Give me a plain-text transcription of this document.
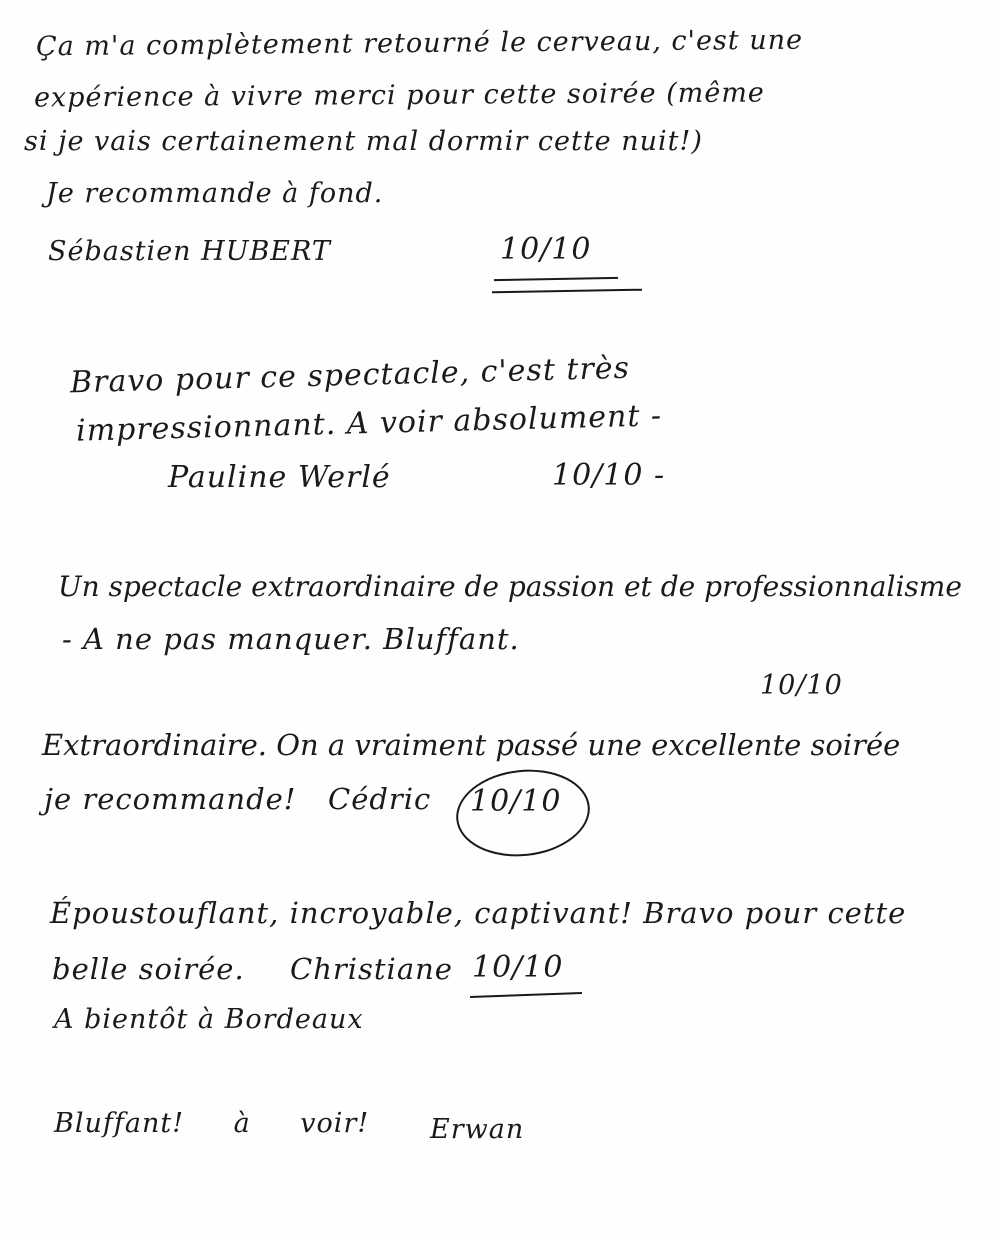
Ça m'a complètement retourné le cerveau, c'est une
expérience à vivre merci pour cette soirée (même
si je vais certainement mal dormir cette nuit!)
Je recommande à fond.
Sébastien HUBERT	10/10
Bravo pour ce spectacle, c'est très
impressionnant. A voir absolument -
Pauline Werlé	10/10 -
Un spectacle extraordinaire de passion et de professionnalisme
- A ne pas manquer. Bluffant.
10/10
Extraordinaire. On a vraiment passé une excellente soirée
je recommande! Cédric 10/10
Époustouflant, incroyable, captivant! Bravo pour cette
belle soirée. Christiane 10/10
A bientôt à Bordeaux
Bluffant! à voir! Erwan
